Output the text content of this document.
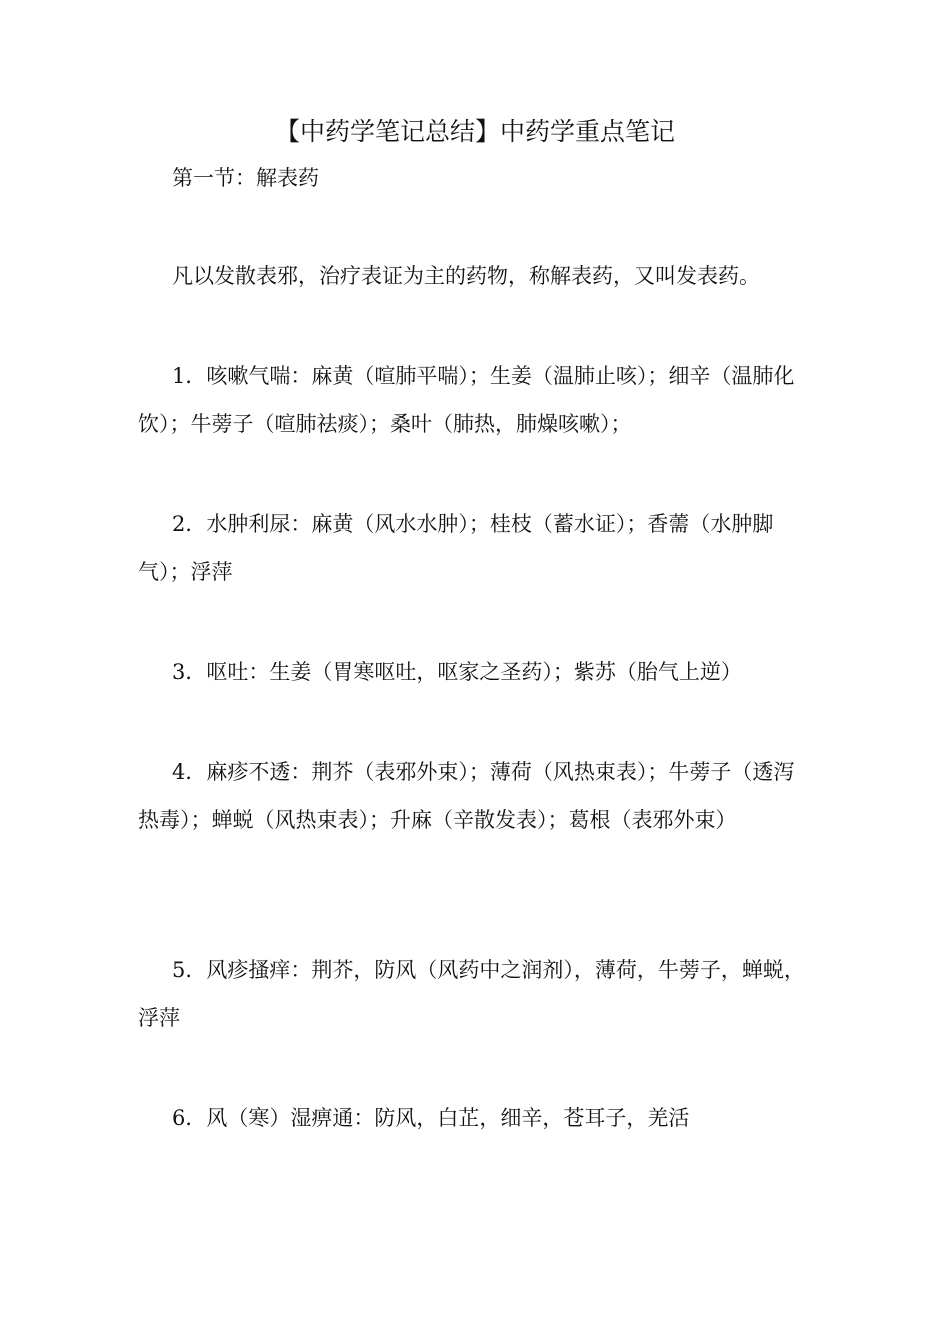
【中药学笔记总结】中药学重点笔记
第一节：解表药
凡以发散表邪，治疗表证为主的药物，称解表药，又叫发表药。
1．咳嗽气喘：麻黄（喧肺平喘）；生姜（温肺止咳）；细辛（温肺化饮）；牛蒡子（喧肺祛痰）；桑叶（肺热，肺燥咳嗽）；
2．水肿利尿：麻黄（风水水肿）；桂枝（蓄水证）；香薷（水肿脚气）；浮萍
3．呕吐：生姜（胃寒呕吐，呕家之圣药）；紫苏（胎气上逆）
4．麻疹不透：荆芥（表邪外束）；薄荷（风热束表）；牛蒡子（透泻热毒）；蝉蜕（风热束表）；升麻（辛散发表）；葛根（表邪外束）
5．风疹搔痒：荆芥，防风（风药中之润剂），薄荷，牛蒡子，蝉蜕，浮萍
6．风（寒）湿痹通：防风，白芷，细辛，苍耳子，羌活
